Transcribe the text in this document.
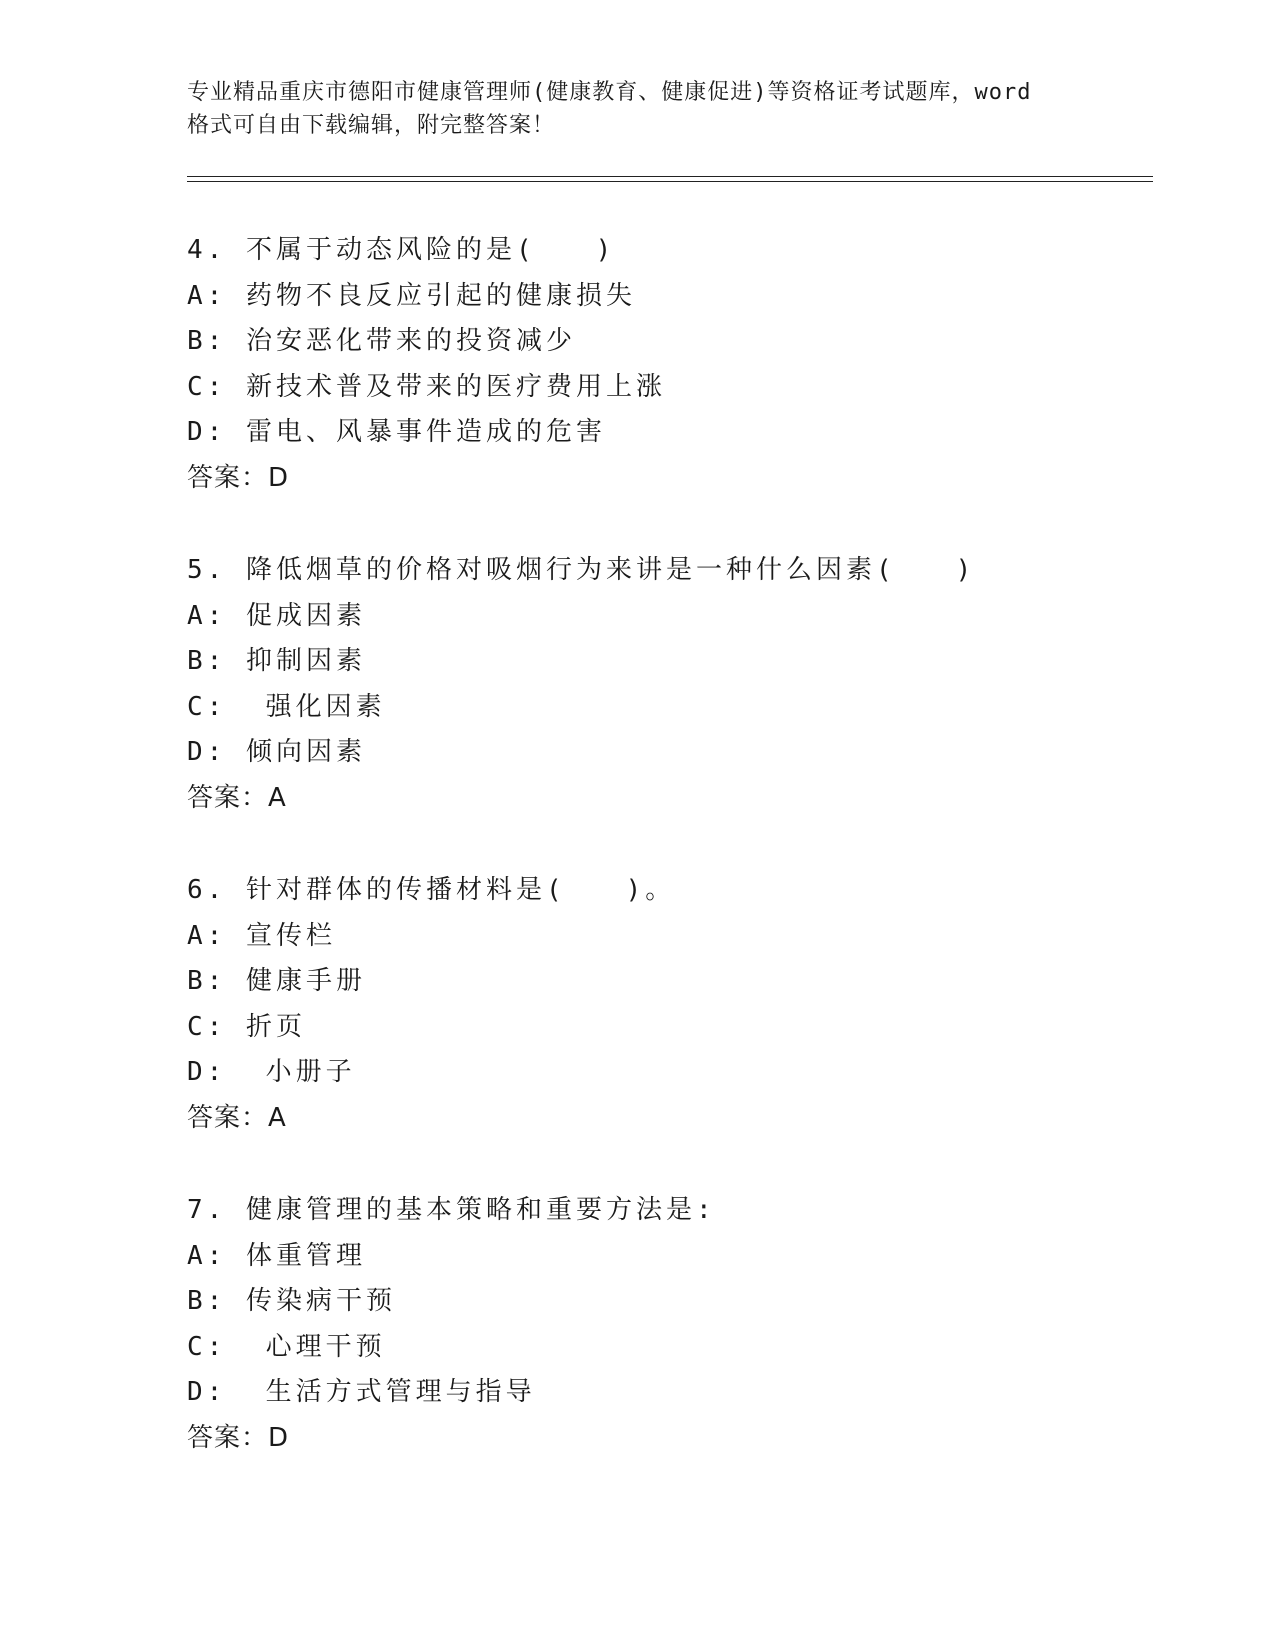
专业精品重庆市德阳市健康管理师(健康教育、健康促进)等资格证考试题库，word
格式可自由下载编辑，附完整答案！
4. 不属于动态风险的是(　　)
A: 药物不良反应引起的健康损失
B: 治安恶化带来的投资减少
C: 新技术普及带来的医疗费用上涨
D: 雷电、风暴事件造成的危害
答案：D
5. 降低烟草的价格对吸烟行为来讲是一种什么因素(　　)
A: 促成因素
B: 抑制因素
C:  强化因素
D: 倾向因素
答案：A
6. 针对群体的传播材料是(　　)。
A: 宣传栏
B: 健康手册
C: 折页
D:  小册子
答案：A
7. 健康管理的基本策略和重要方法是:
A: 体重管理
B: 传染病干预
C:  心理干预
D:  生活方式管理与指导
答案：D
